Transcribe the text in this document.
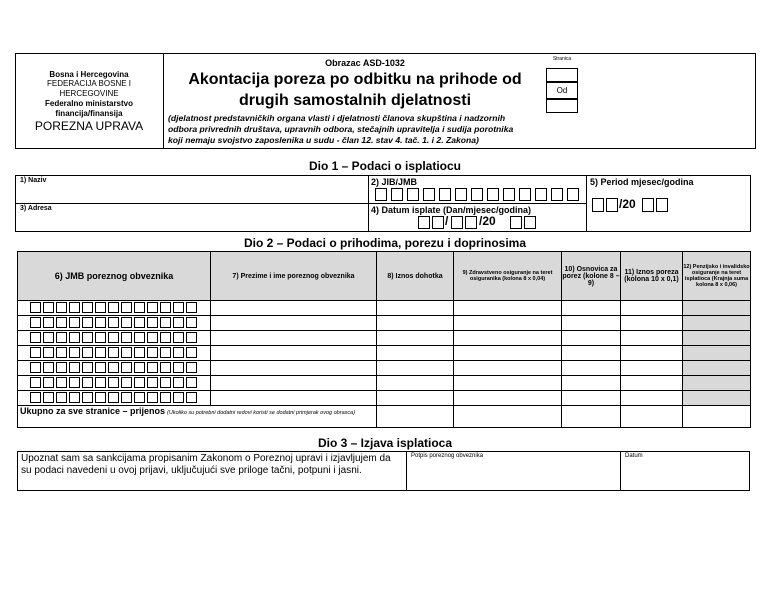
Bosna i Hercegovina
FEDERACIJA BOSNE I HERCEGOVINE
Federalno ministarstvo financija/finansija
POREZNA UPRAVA
Obrazac ASD-1032
Akontacija poreza po odbitku na prihode od
drugih samostalnih djelatnosti
(djelatnost predstavničkih organa vlasti i djelatnosti članova skupština i nadzornih
odbora privrednih društava, upravnih odbora, stečajnih upravitelja i sudija porotnika
koji nemaju svojstvo zaposlenika u sudu - član 12. stav 4. tač. 1. i 2. Zakona)
Stranica
Od
Dio 1 – Podaci o isplatiocu
1) Naziv
3) Adresa
2) JIB/JMB
4) Datum isplate (Dan/mjesec/godina)
/	/20
5) Period mjesec/godina
/20
Dio 2 – Podaci o prihodima, porezu i doprinosima
6) JMB poreznog obveznika	7) Prezime i ime poreznog obveznika	8) Iznos dohotka	9) Zdravstveno osiguranje na teret osiguranika (kolona 8 x 0,04)	10) Osnovica za porez (kolone 8 – 9)	11) Iznos poreza (kolona 10 x 0,1)	12) Penzijsko i invalidsko osiguranje na teret isplatioca (Krajnja suma kolona 8 x 0,06)

Ukupno za sve stranice – prijenos (Ukoliko su potrebni dodatni redovi koristi se dodatni primjerak ovog obrasca)						
Dio 3 – Izjava isplatioca
Upoznat sam sa sankcijama propisanim Zakonom o Poreznoj upravi i izjavljujem da su podaci navedeni u ovoj prijavi, uključujući sve priloge tačni, potpuni i jasni.
Potpis poreznog obveznika	Datum
